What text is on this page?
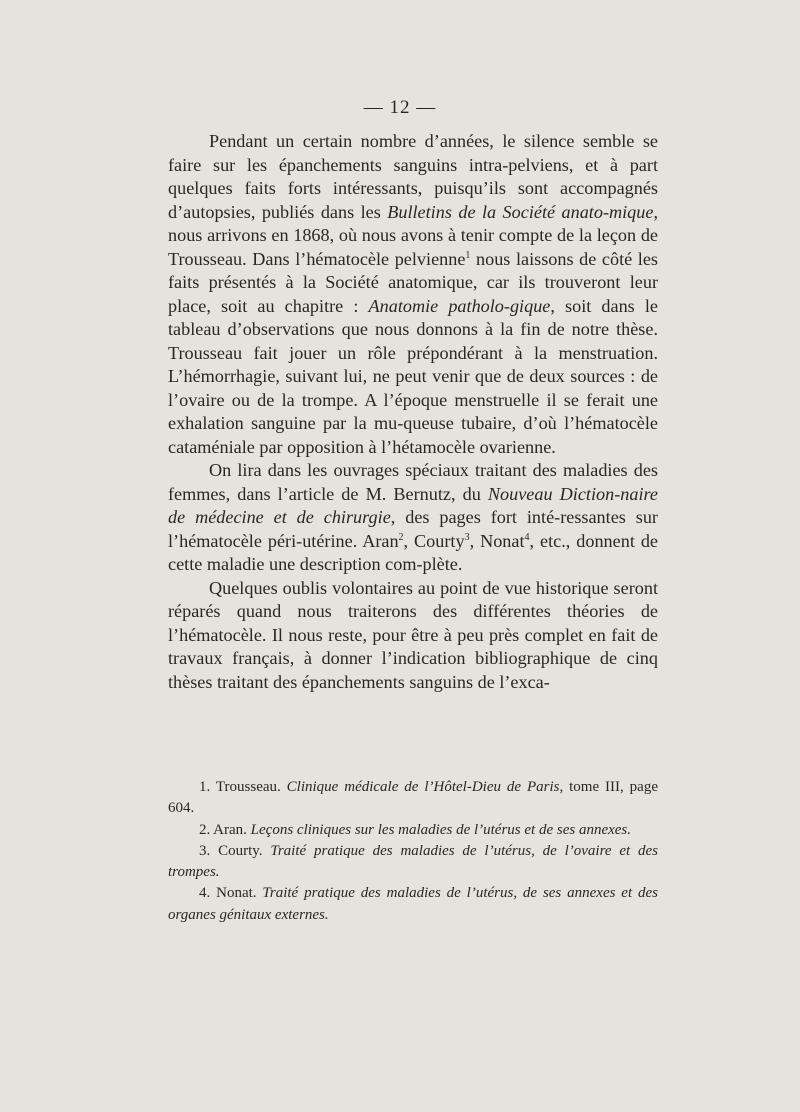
— 12 —

Pendant un certain nombre d’années, le silence semble se faire sur les épanchements sanguins intra-pelviens, et à part quelques faits forts intéressants, puisqu’ils sont accompagnés d’autopsies, publiés dans les Bulletins de la Société anato-mique, nous arrivons en 1868, où nous avons à tenir compte de la leçon de Trousseau. Dans l’hématocèle pelvienne$^1$ nous laissons de côté les faits présentés à la Société anatomique, car ils trouveront leur place, soit au chapitre : Anatomie patholo-gique, soit dans le tableau d’observations que nous donnons à la fin de notre thèse. Trousseau fait jouer un rôle prépondérant à la menstruation. L’hémorrhagie, suivant lui, ne peut venir que de deux sources : de l’ovaire ou de la trompe. A l’époque menstruelle il se ferait une exhalation sanguine par la mu-queuse tubaire, d’où l’hématocèle cataméniale par opposition à l’hétamocèle ovarienne.

On lira dans les ouvrages spéciaux traitant des maladies des femmes, dans l’article de M. Bernutz, du Nouveau Diction-naire de médecine et de chirurgie, des pages fort inté-ressantes sur l’hématocèle péri-utérine. Aran$^2$, Courty$^3$, Nonat$^4$, etc., donnent de cette maladie une description com-plète.

Quelques oublis volontaires au point de vue historique seront réparés quand nous traiterons des différentes théories de l’hématocèle. Il nous reste, pour être à peu près complet en fait de travaux français, à donner l’indication bibliographique de cinq thèses traitant des épanchements sanguins de l’exca-

1. Trousseau. Clinique médicale de l’Hôtel-Dieu de Paris, tome III, page 604.

2. Aran. Leçons cliniques sur les maladies de l’utérus et de ses annexes.

3. Courty. Traité pratique des maladies de l’utérus, de l’ovaire et des trompes.

4. Nonat. Traité pratique des maladies de l’utérus, de ses annexes et des organes génitaux externes.
